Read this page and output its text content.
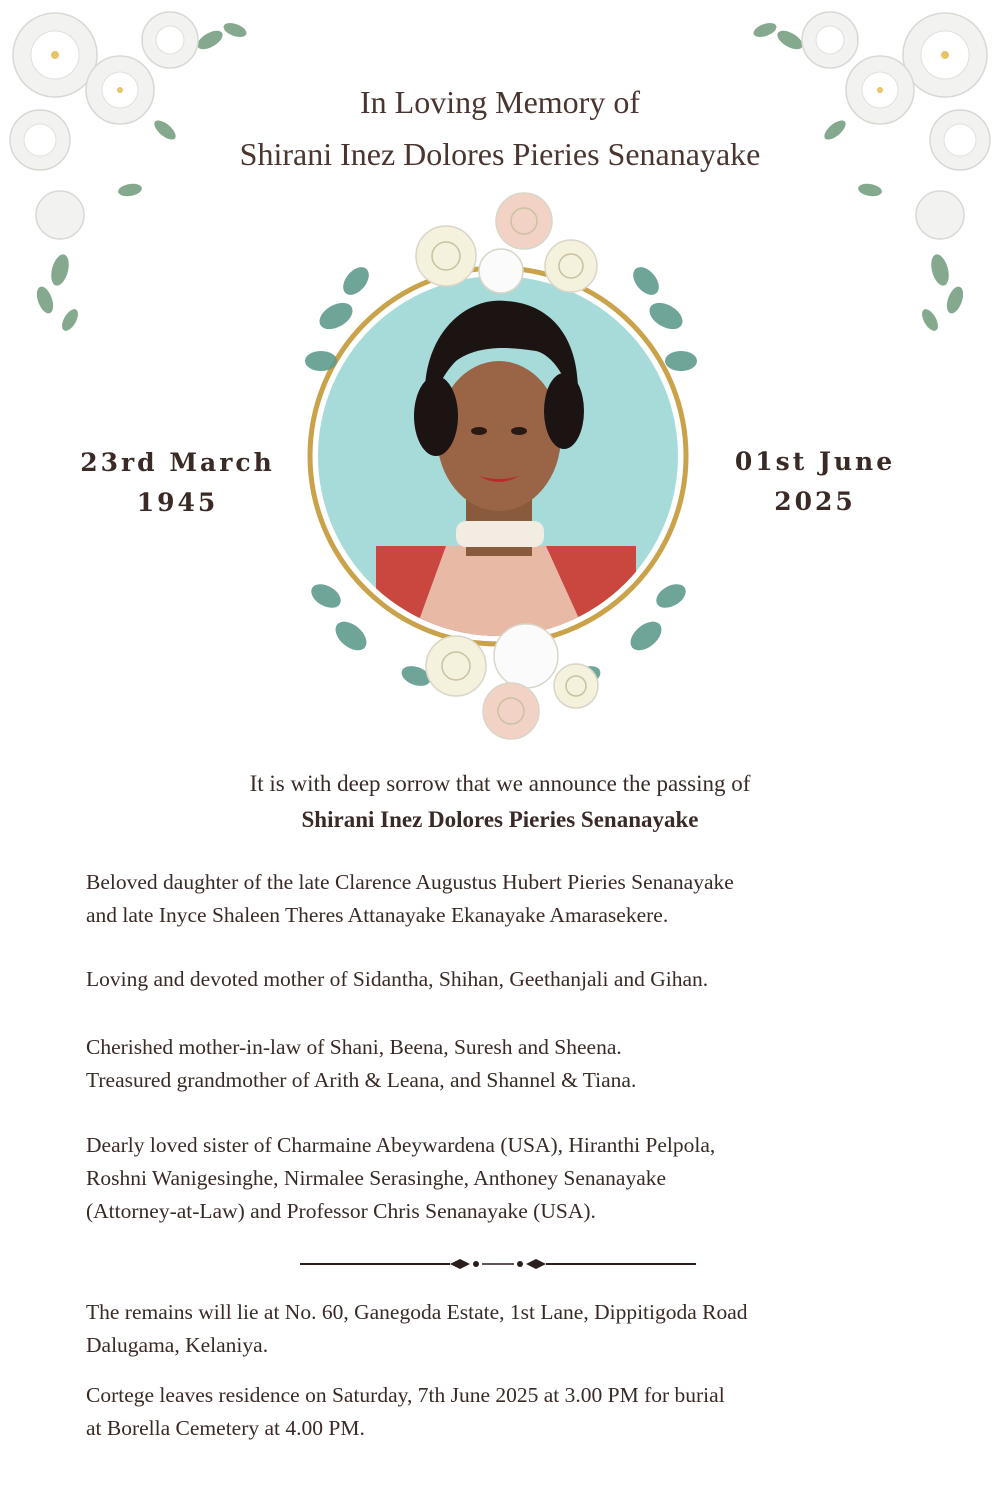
In Loving Memory of
Shirani Inez Dolores Pieries Senanayake
23rd March
1945
01st June
2025
It is with deep sorrow that we announce the passing of
Shirani Inez Dolores Pieries Senanayake

Beloved daughter of the late Clarence Augustus Hubert Pieries Senanayake

and late Inyce Shaleen Theres Attanayake Ekanayake Amarasekere.

Loving and devoted mother of Sidantha, Shihan, Geethanjali and Gihan.

Cherished mother-in-law of Shani, Beena, Suresh and Sheena.

Treasured grandmother of Arith & Leana, and Shannel & Tiana.

Dearly loved sister of Charmaine Abeywardena (USA), Hiranthi Pelpola,

Roshni Wanigesinghe, Nirmalee Serasinghe, Anthoney Senanayake

(Attorney-at-Law) and Professor Chris Senanayake (USA).

The remains will lie at No. 60, Ganegoda Estate, 1st Lane, Dippitigoda Road

Dalugama, Kelaniya.

Cortege leaves residence on Saturday, 7th June 2025 at 3.00 PM for burial

at Borella Cemetery at 4.00 PM.
